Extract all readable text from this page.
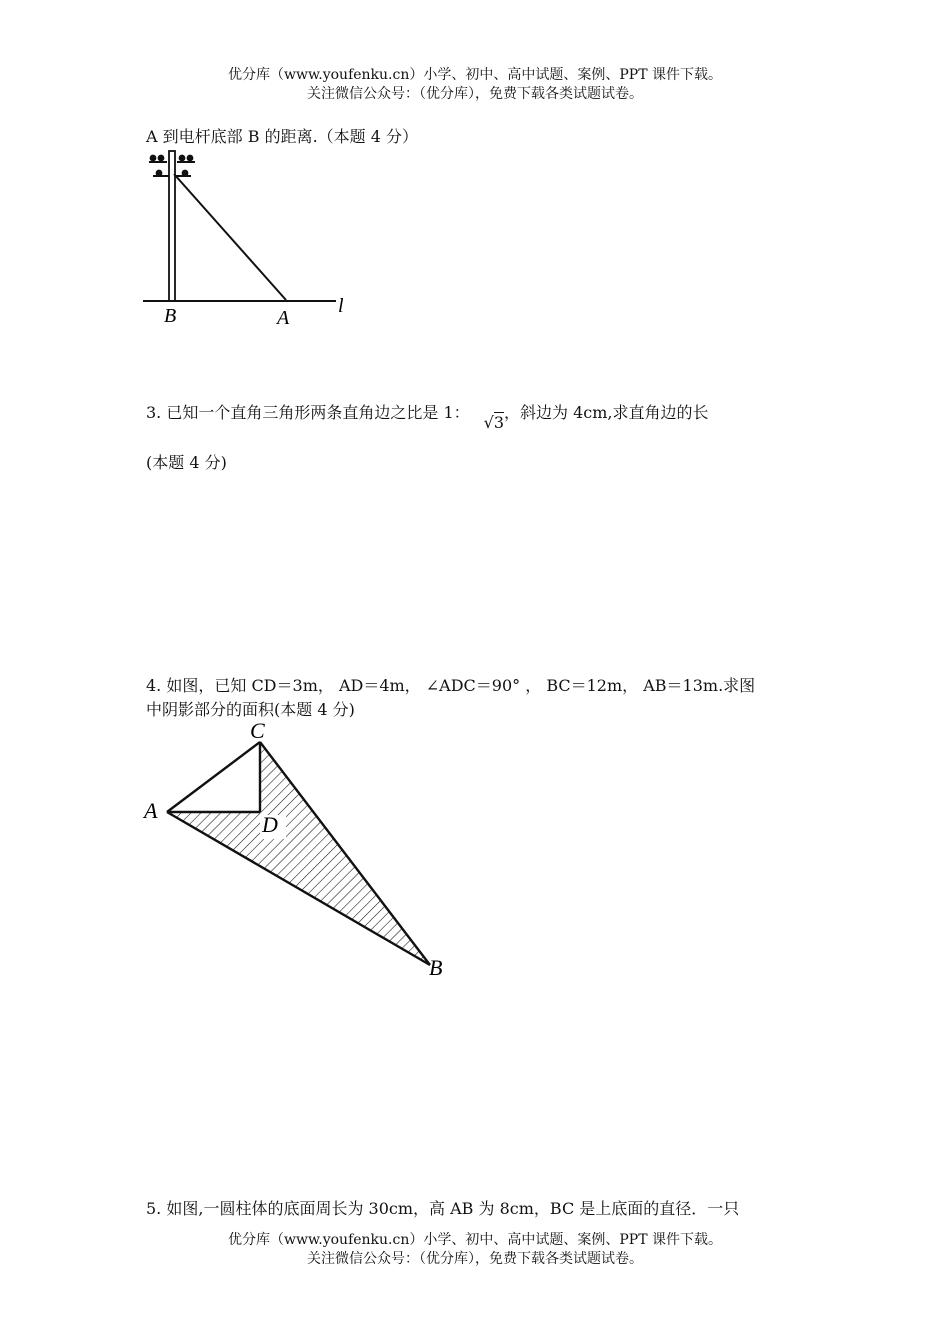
优分库（www.youfenku.cn）小学、初中、高中试题、案例、PPT 课件下载。
关注微信公众号：（优分库），免费下载各类试题试卷。
A 到电杆底部 B 的距离.（本题 4 分）
B	A
l
3. 已知一个直角三角形两条直角边之比是 1：√3，斜边为 4cm,求直角边的长
(本题 4 分)
4. 如图，已知 CD＝3m， AD＝4m， ∠ADC＝90° ， BC＝12m， AB＝13m.求图
中阴影部分的面积(本题 4 分)
C
A
D
B
5. 如图,一圆柱体的底面周长为 30cm，高 AB 为 8cm，BC 是上底面的直径．一只
优分库（www.youfenku.cn）小学、初中、高中试题、案例、PPT 课件下载。
关注微信公众号：（优分库），免费下载各类试题试卷。
